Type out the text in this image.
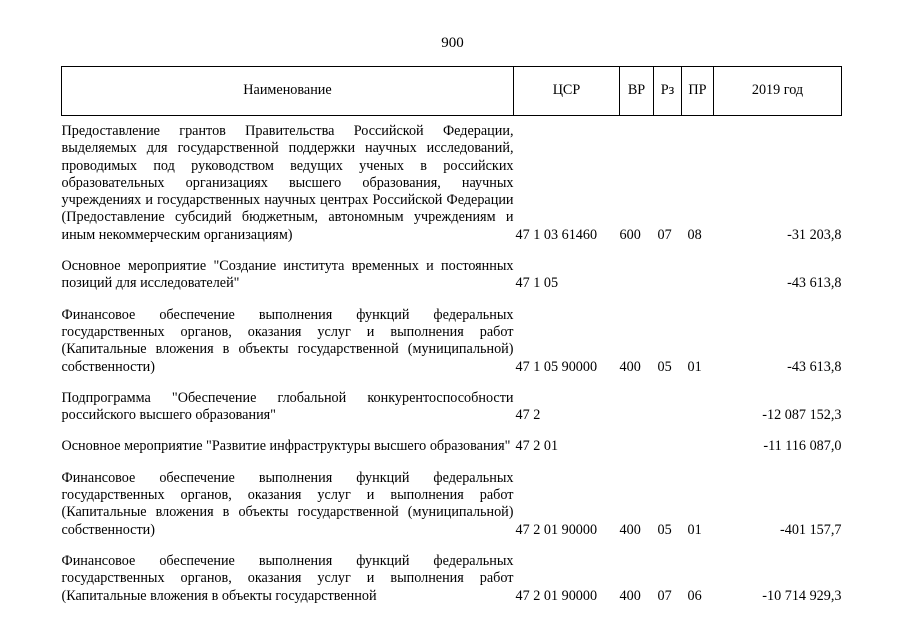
900
Наименование	ЦСР	ВР	Рз	ПР	2019 год
Предоставление грантов Правительства Российской Федерации, выделяемых для государственной поддержки научных исследований, проводимых под руководством ведущих ученых в российских образовательных организациях высшего образования, научных учреждениях и государственных научных центрах Российской Федерации (Предоставление субсидий бюджетным, автономным учреждениям и иным некоммерческим организациям)	47 1 03 61460	600	07	08	-31 203,8
Основное мероприятие "Создание института временных и постоянных позиций для исследователей"	47 1 05				-43 613,8
Финансовое обеспечение выполнения функций федеральных государственных органов, оказания услуг и выполнения работ (Капитальные вложения в объекты государственной (муниципальной) собственности)	47 1 05 90000	400	05	01	-43 613,8
Подпрограмма "Обеспечение глобальной конкурентоспособности российского высшего образования"	47 2				-12 087 152,3
Основное мероприятие "Развитие инфраструктуры высшего образования"	47 2 01				-11 116 087,0
Финансовое обеспечение выполнения функций федеральных государственных органов, оказания услуг и выполнения работ (Капитальные вложения в объекты государственной (муниципальной) собственности)	47 2 01 90000	400	05	01	-401 157,7
Финансовое обеспечение выполнения функций федеральных государственных органов, оказания услуг и выполнения работ (Капитальные вложения в объекты государственной	47 2 01 90000	400	07	06	-10 714 929,3
